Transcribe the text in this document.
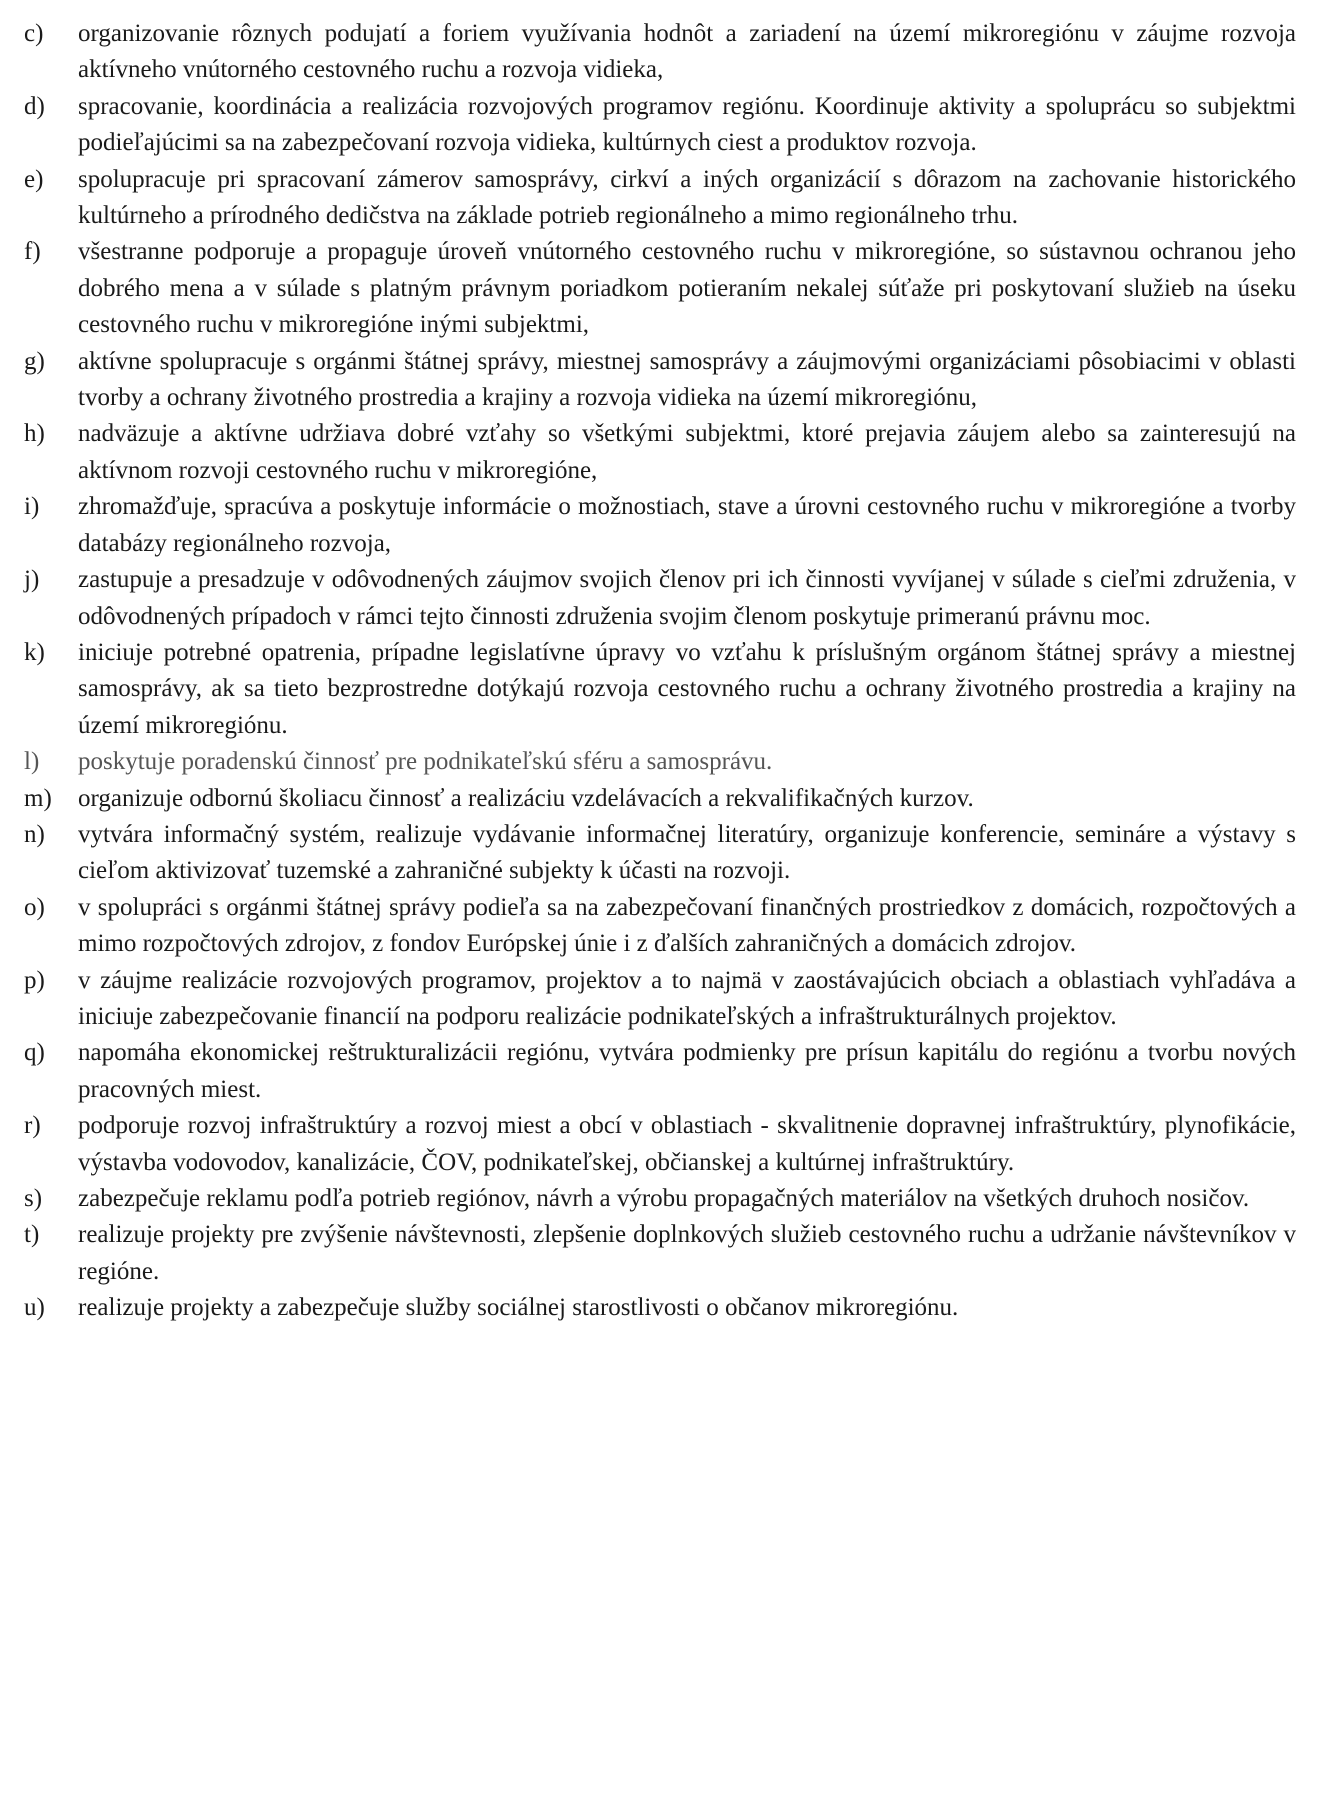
c)	organizovanie rôznych podujatí a foriem využívania hodnôt a zariadení na území mikroregiónu v záujme rozvoja aktívneho vnútorného cestovného ruchu a rozvoja vidieka,
d)	spracovanie, koordinácia a realizácia rozvojových programov regiónu. Koordinuje aktivity a spoluprácu so subjektmi podieľajúcimi sa na zabezpečovaní rozvoja vidieka, kultúrnych ciest a produktov rozvoja.
e)	spolupracuje pri spracovaní zámerov samosprávy, cirkví a iných organizácií s dôrazom na zachovanie historického kultúrneho a prírodného dedičstva na základe potrieb regionálneho a mimo regionálneho trhu.
f)	všestranne podporuje a propaguje úroveň vnútorného cestovného ruchu v mikroregióne, so sústavnou ochranou jeho dobrého mena a v súlade s platným právnym poriadkom potieraním nekalej súťaže pri poskytovaní služieb na úseku cestovného ruchu v mikroregióne inými subjektmi,
g)	aktívne spolupracuje s orgánmi štátnej správy, miestnej samosprávy a záujmovými organizáciami pôsobiacimi v oblasti tvorby a ochrany životného prostredia a krajiny a rozvoja vidieka na území mikroregiónu,
h)	nadväzuje a aktívne udržiava dobré vzťahy so všetkými subjektmi, ktoré prejavia záujem alebo sa zainteresujú na aktívnom rozvoji cestovného ruchu v mikroregióne,
i)	zhromažďuje, spracúva a poskytuje informácie o možnostiach, stave a úrovni cestovného ruchu v mikroregióne a tvorby databázy regionálneho rozvoja,
j)	zastupuje a presadzuje v odôvodnených záujmov svojich členov pri ich činnosti vyvíjanej v súlade s cieľmi združenia, v odôvodnených prípadoch v rámci tejto činnosti združenia svojim členom poskytuje primeranú právnu moc.
k)	iniciuje potrebné opatrenia, prípadne legislatívne úpravy vo vzťahu k príslušným orgánom štátnej správy a miestnej samosprávy, ak sa tieto bezprostredne dotýkajú rozvoja cestovného ruchu a ochrany životného prostredia a krajiny na území mikroregiónu.
l)	poskytuje poradenskú činnosť pre podnikateľskú sféru a samosprávu.
m)	organizuje odbornú školiacu činnosť a realizáciu vzdelávacích a rekvalifikačných kurzov.
n)	vytvára informačný systém, realizuje vydávanie informačnej literatúry, organizuje konferencie, semináre a výstavy s cieľom aktivizovať tuzemské a zahraničné subjekty k účasti na rozvoji.
o)	v spolupráci s orgánmi štátnej správy podieľa sa na zabezpečovaní finančných prostriedkov z domácich, rozpočtových a mimo rozpočtových zdrojov, z fondov Európskej únie i z ďalších zahraničných a domácich zdrojov.
p)	v záujme realizácie rozvojových programov, projektov a to najmä v zaostávajúcich obciach a oblastiach vyhľadáva a iniciuje zabezpečovanie financií na podporu realizácie podnikateľských a infraštrukturálnych projektov.
q)	napomáha ekonomickej reštrukturalizácii regiónu, vytvára podmienky pre prísun kapitálu do regiónu a tvorbu nových pracovných miest.
r)	podporuje rozvoj infraštruktúry a rozvoj miest a obcí v oblastiach - skvalitnenie dopravnej infraštruktúry, plynofikácie, výstavba vodovodov, kanalizácie, ČOV, podnikateľskej, občianskej a kultúrnej infraštruktúry.
s)	zabezpečuje reklamu podľa potrieb regiónov, návrh a výrobu propagačných materiálov na všetkých druhoch nosičov.
t)	realizuje projekty pre zvýšenie návštevnosti, zlepšenie doplnkových služieb cestovného ruchu a udržanie návštevníkov v regióne.
u)	realizuje projekty a zabezpečuje služby sociálnej starostlivosti o občanov mikroregiónu.
